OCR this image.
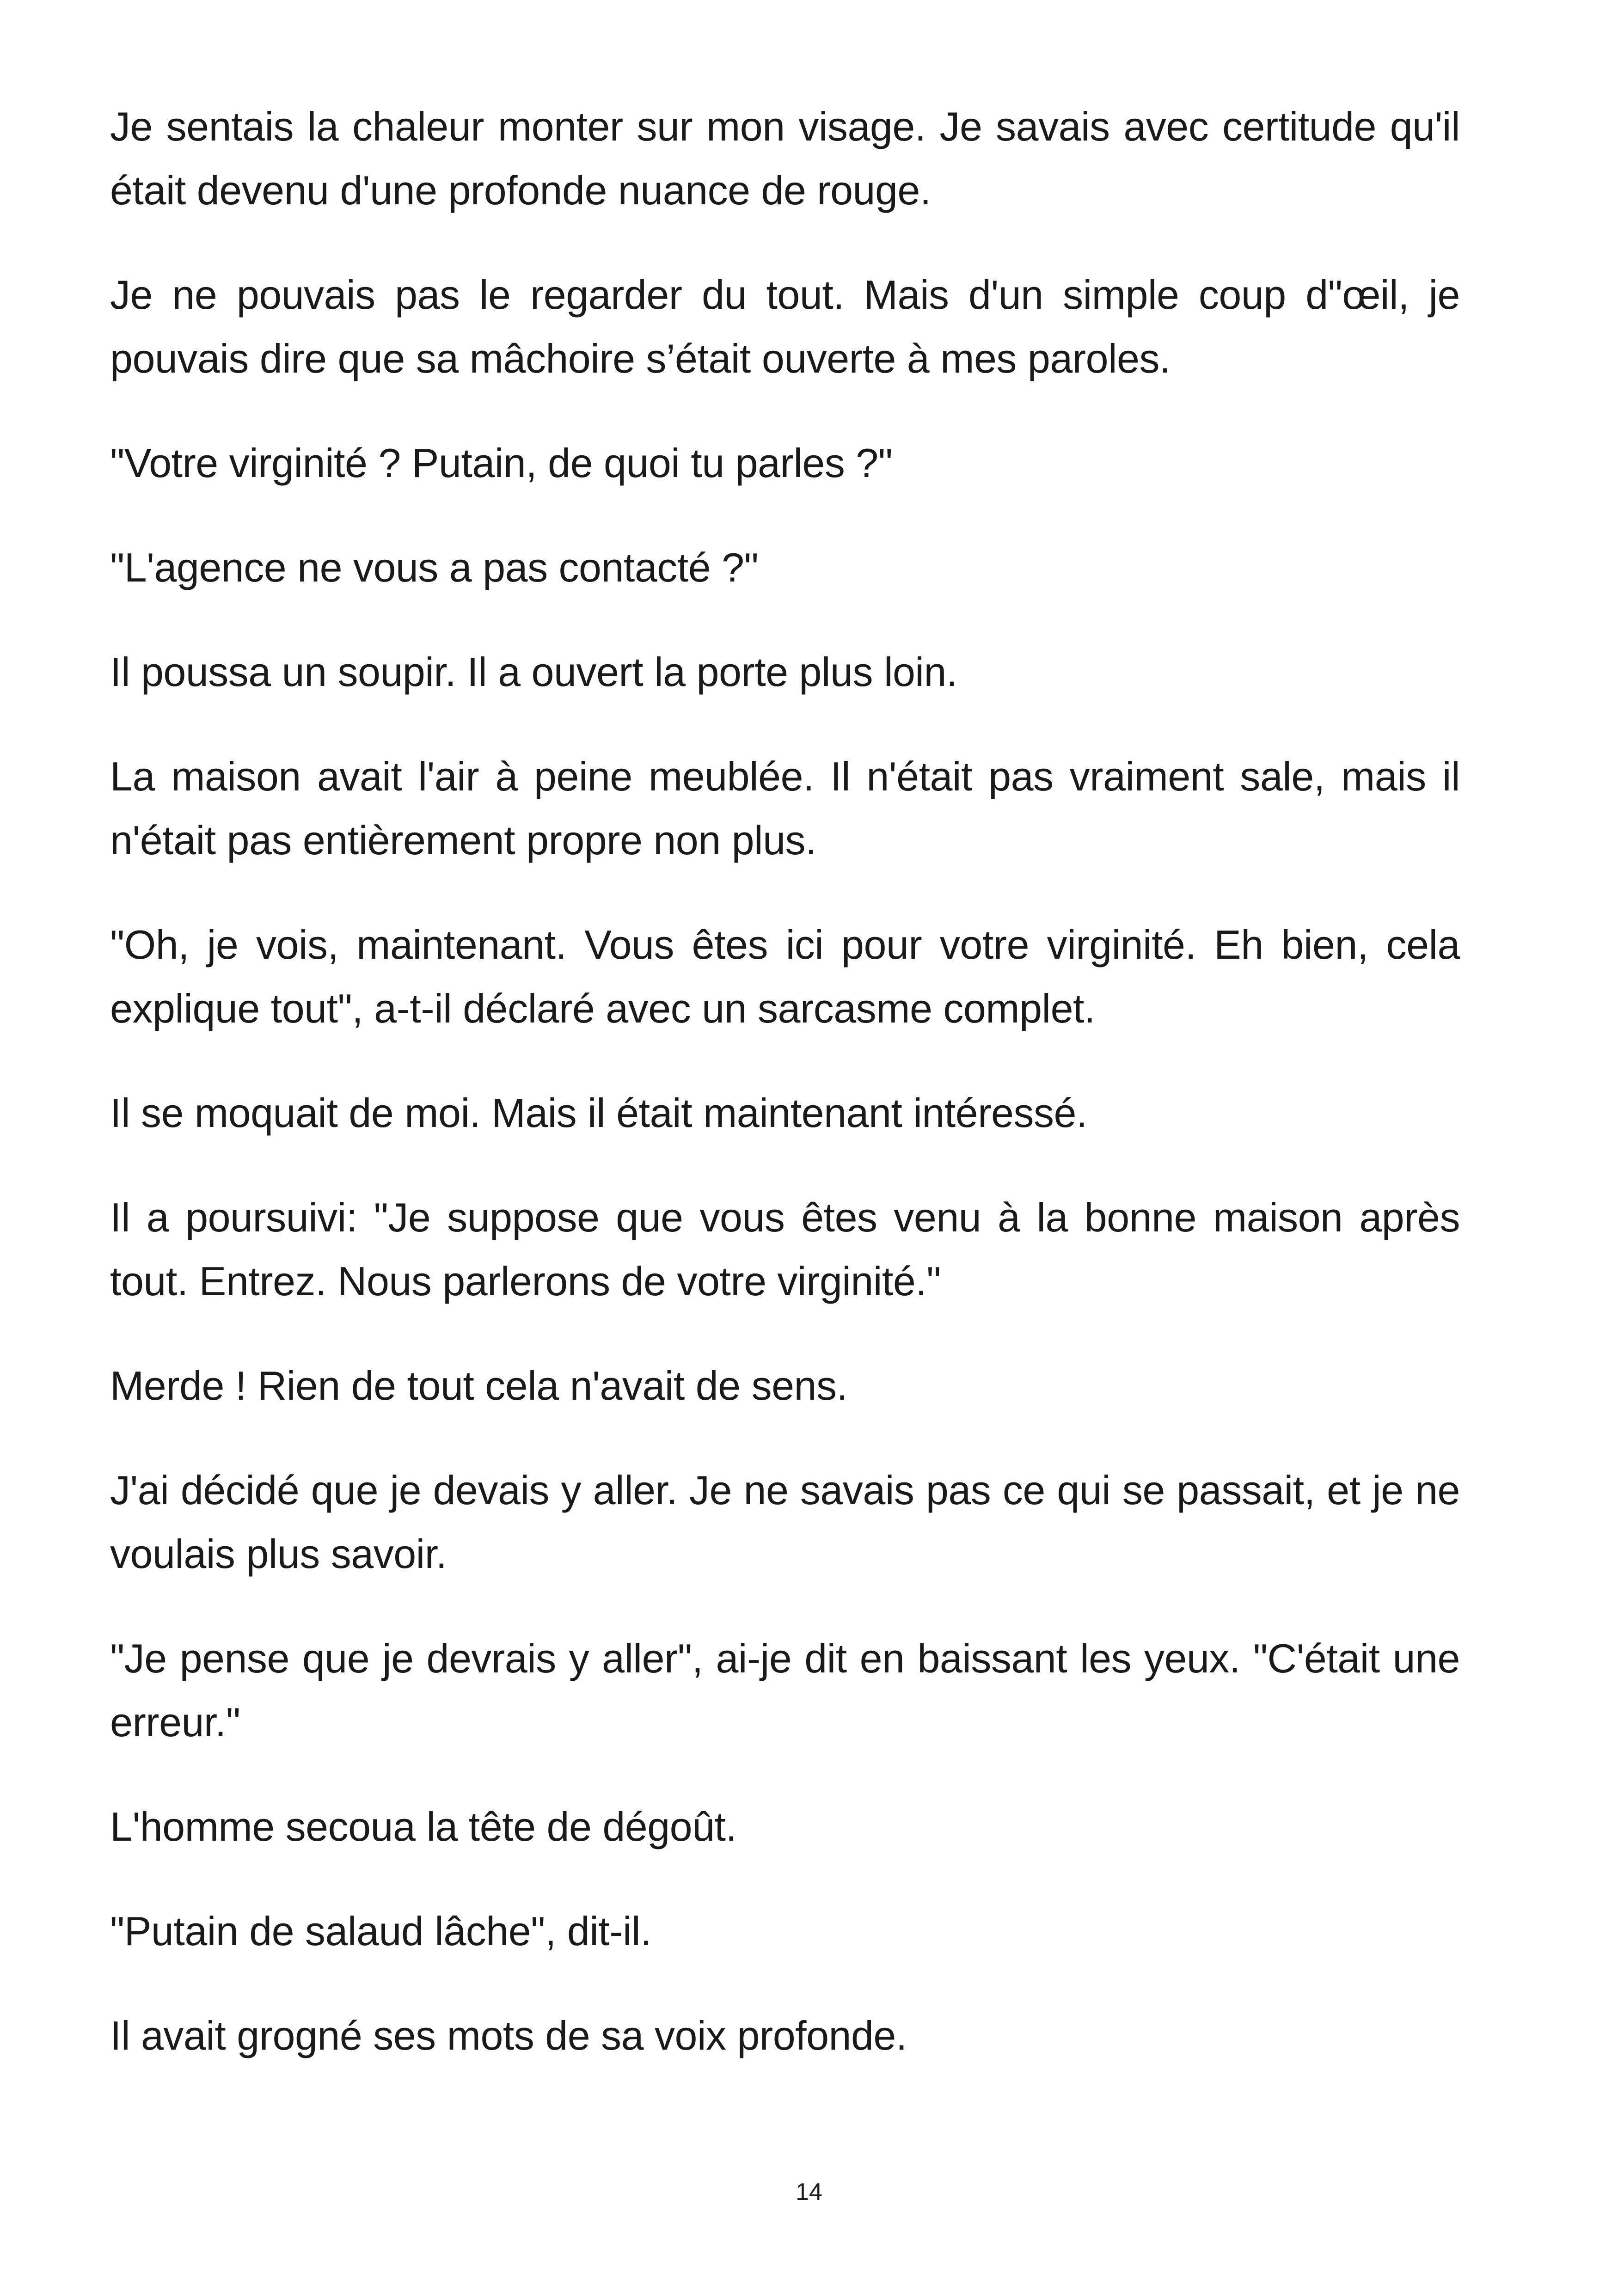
Je sentais la chaleur monter sur mon visage. Je savais avec certitude qu'il était devenu d'une profonde nuance de rouge.

Je ne pouvais pas le regarder du tout. Mais d'un simple coup d"œil, je pouvais dire que sa mâchoire s’était ouverte à mes paroles.

"Votre virginité ? Putain, de quoi tu parles ?"

"L'agence ne vous a pas contacté ?"

Il poussa un soupir. Il a ouvert la porte plus loin.

La maison avait l'air à peine meublée. Il n'était pas vraiment sale, mais il n'était pas entièrement propre non plus.

"Oh, je vois, maintenant. Vous êtes ici pour votre virginité. Eh bien, cela explique tout", a-t-il déclaré avec un sarcasme complet.

Il se moquait de moi. Mais il était maintenant intéressé.

Il a poursuivi: "Je suppose que vous êtes venu à la bonne maison après tout. Entrez. Nous parlerons de votre virginité."

Merde ! Rien de tout cela n'avait de sens.

J'ai décidé que je devais y aller. Je ne savais pas ce qui se passait, et je ne voulais plus savoir.

"Je pense que je devrais y aller", ai-je dit en baissant les yeux. "C'était une erreur."

L'homme secoua la tête de dégoût.

"Putain de salaud lâche", dit-il.

Il avait grogné ses mots de sa voix profonde.

14
